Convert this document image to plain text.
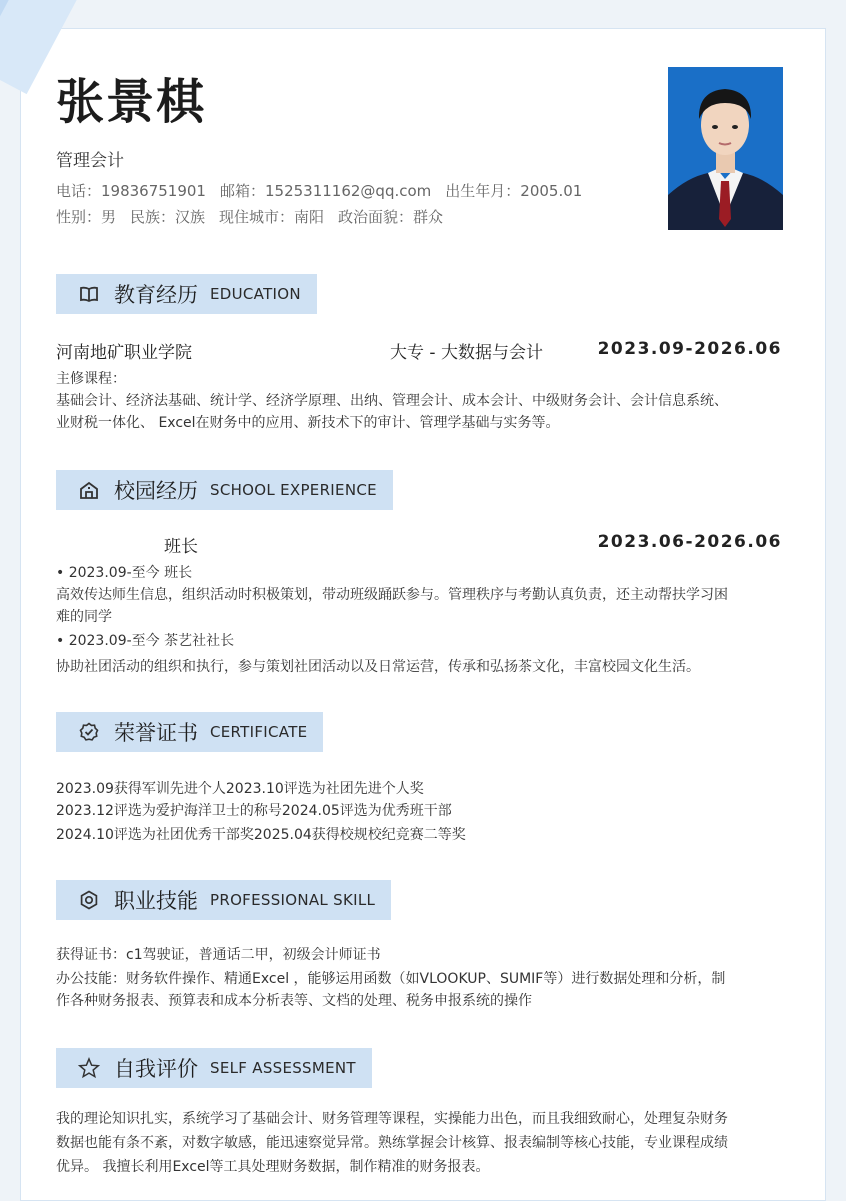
张景棋
管理会计
电话：19836751901 邮箱：1525311162@qq.com 出生年月：2005.01
性别：男 民族：汉族 现住城市：南阳 政治面貌：群众
教育经历 EDUCATION
河南地矿职业学院	大专 - 大数据与会计	2023.09-2026.06
主修课程：
基础会计、经济法基础、统计学、经济学原理、出纳、管理会计、成本会计、中级财务会计、会计信息系统、
业财税一体化、 Excel在财务中的应用、新技术下的审计、管理学基础与实务等。
校园经历 SCHOOL EXPERIENCE
班长	2023.06-2026.06
• 2023.09-至今 班长
高效传达师生信息，组织活动时积极策划，带动班级踊跃参与。管理秩序与考勤认真负责，还主动帮扶学习困
难的同学
• 2023.09-至今 茶艺社社长
协助社团活动的组织和执行，参与策划社团活动以及日常运营，传承和弘扬茶文化，丰富校园文化生活。
荣誉证书 CERTIFICATE
2023.09获得军训先进个人2023.10评选为社团先进个人奖
2023.12评选为爱护海洋卫士的称号2024.05评选为优秀班干部
2024.10评选为社团优秀干部奖2025.04获得校规校纪竞赛二等奖
职业技能 PROFESSIONAL SKILL
获得证书：c1驾驶证，普通话二甲，初级会计师证书
办公技能：财务软件操作、精通Excel ，能够运用函数（如VLOOKUP、SUMIF等）进行数据处理和分析，制
作各种财务报表、预算表和成本分析表等、文档的处理、税务申报系统的操作
自我评价 SELF ASSESSMENT
我的理论知识扎实，系统学习了基础会计、财务管理等课程，实操能力出色，而且我细致耐心，处理复杂财务
数据也能有条不紊，对数字敏感，能迅速察觉异常。熟练掌握会计核算、报表编制等核心技能，专业课程成绩
优异。 我擅长利用Excel等工具处理财务数据，制作精准的财务报表。
